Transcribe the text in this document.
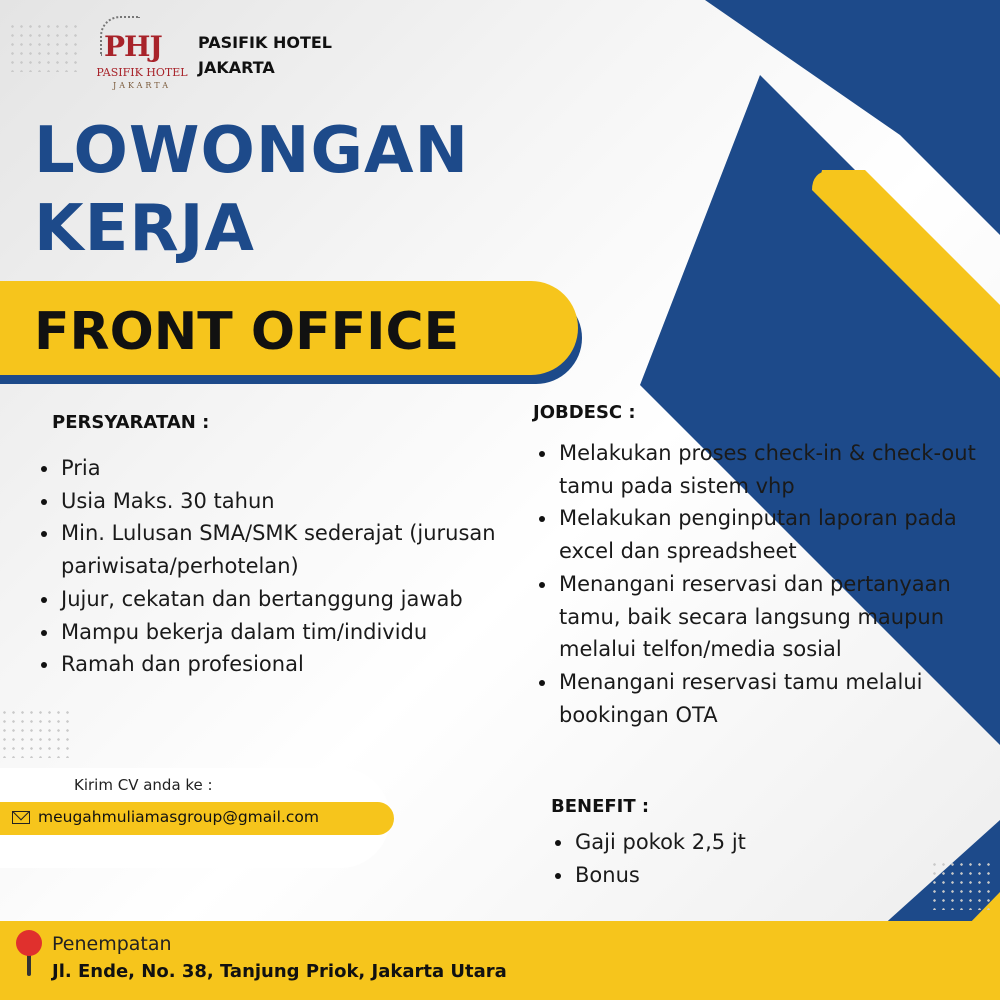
PHJ
PASIFIK HOTEL
JAKARTA
PASIFIK HOTEL
JAKARTA
LOWONGAN
KERJA
FRONT OFFICE
PERSYARATAN :
Pria
Usia Maks. 30 tahun
Min. Lulusan SMA/SMK sederajat (jurusan pariwisata/perhotelan)
Jujur, cekatan dan bertanggung jawab
Mampu bekerja dalam tim/individu
Ramah dan profesional
JOBDESC :
Melakukan proses check-in & check-out tamu pada sistem vhp
Melakukan penginputan laporan pada excel dan spreadsheet
Menangani reservasi dan pertanyaan tamu, baik secara langsung maupun melalui telfon/media sosial
Menangani reservasi tamu melalui bookingan OTA
BENEFIT :
Gaji pokok 2,5 jt
Bonus
Kirim CV anda ke :
meugahmuliamasgroup@gmail.com
Penempatan
Jl. Ende, No. 38, Tanjung Priok, Jakarta Utara
